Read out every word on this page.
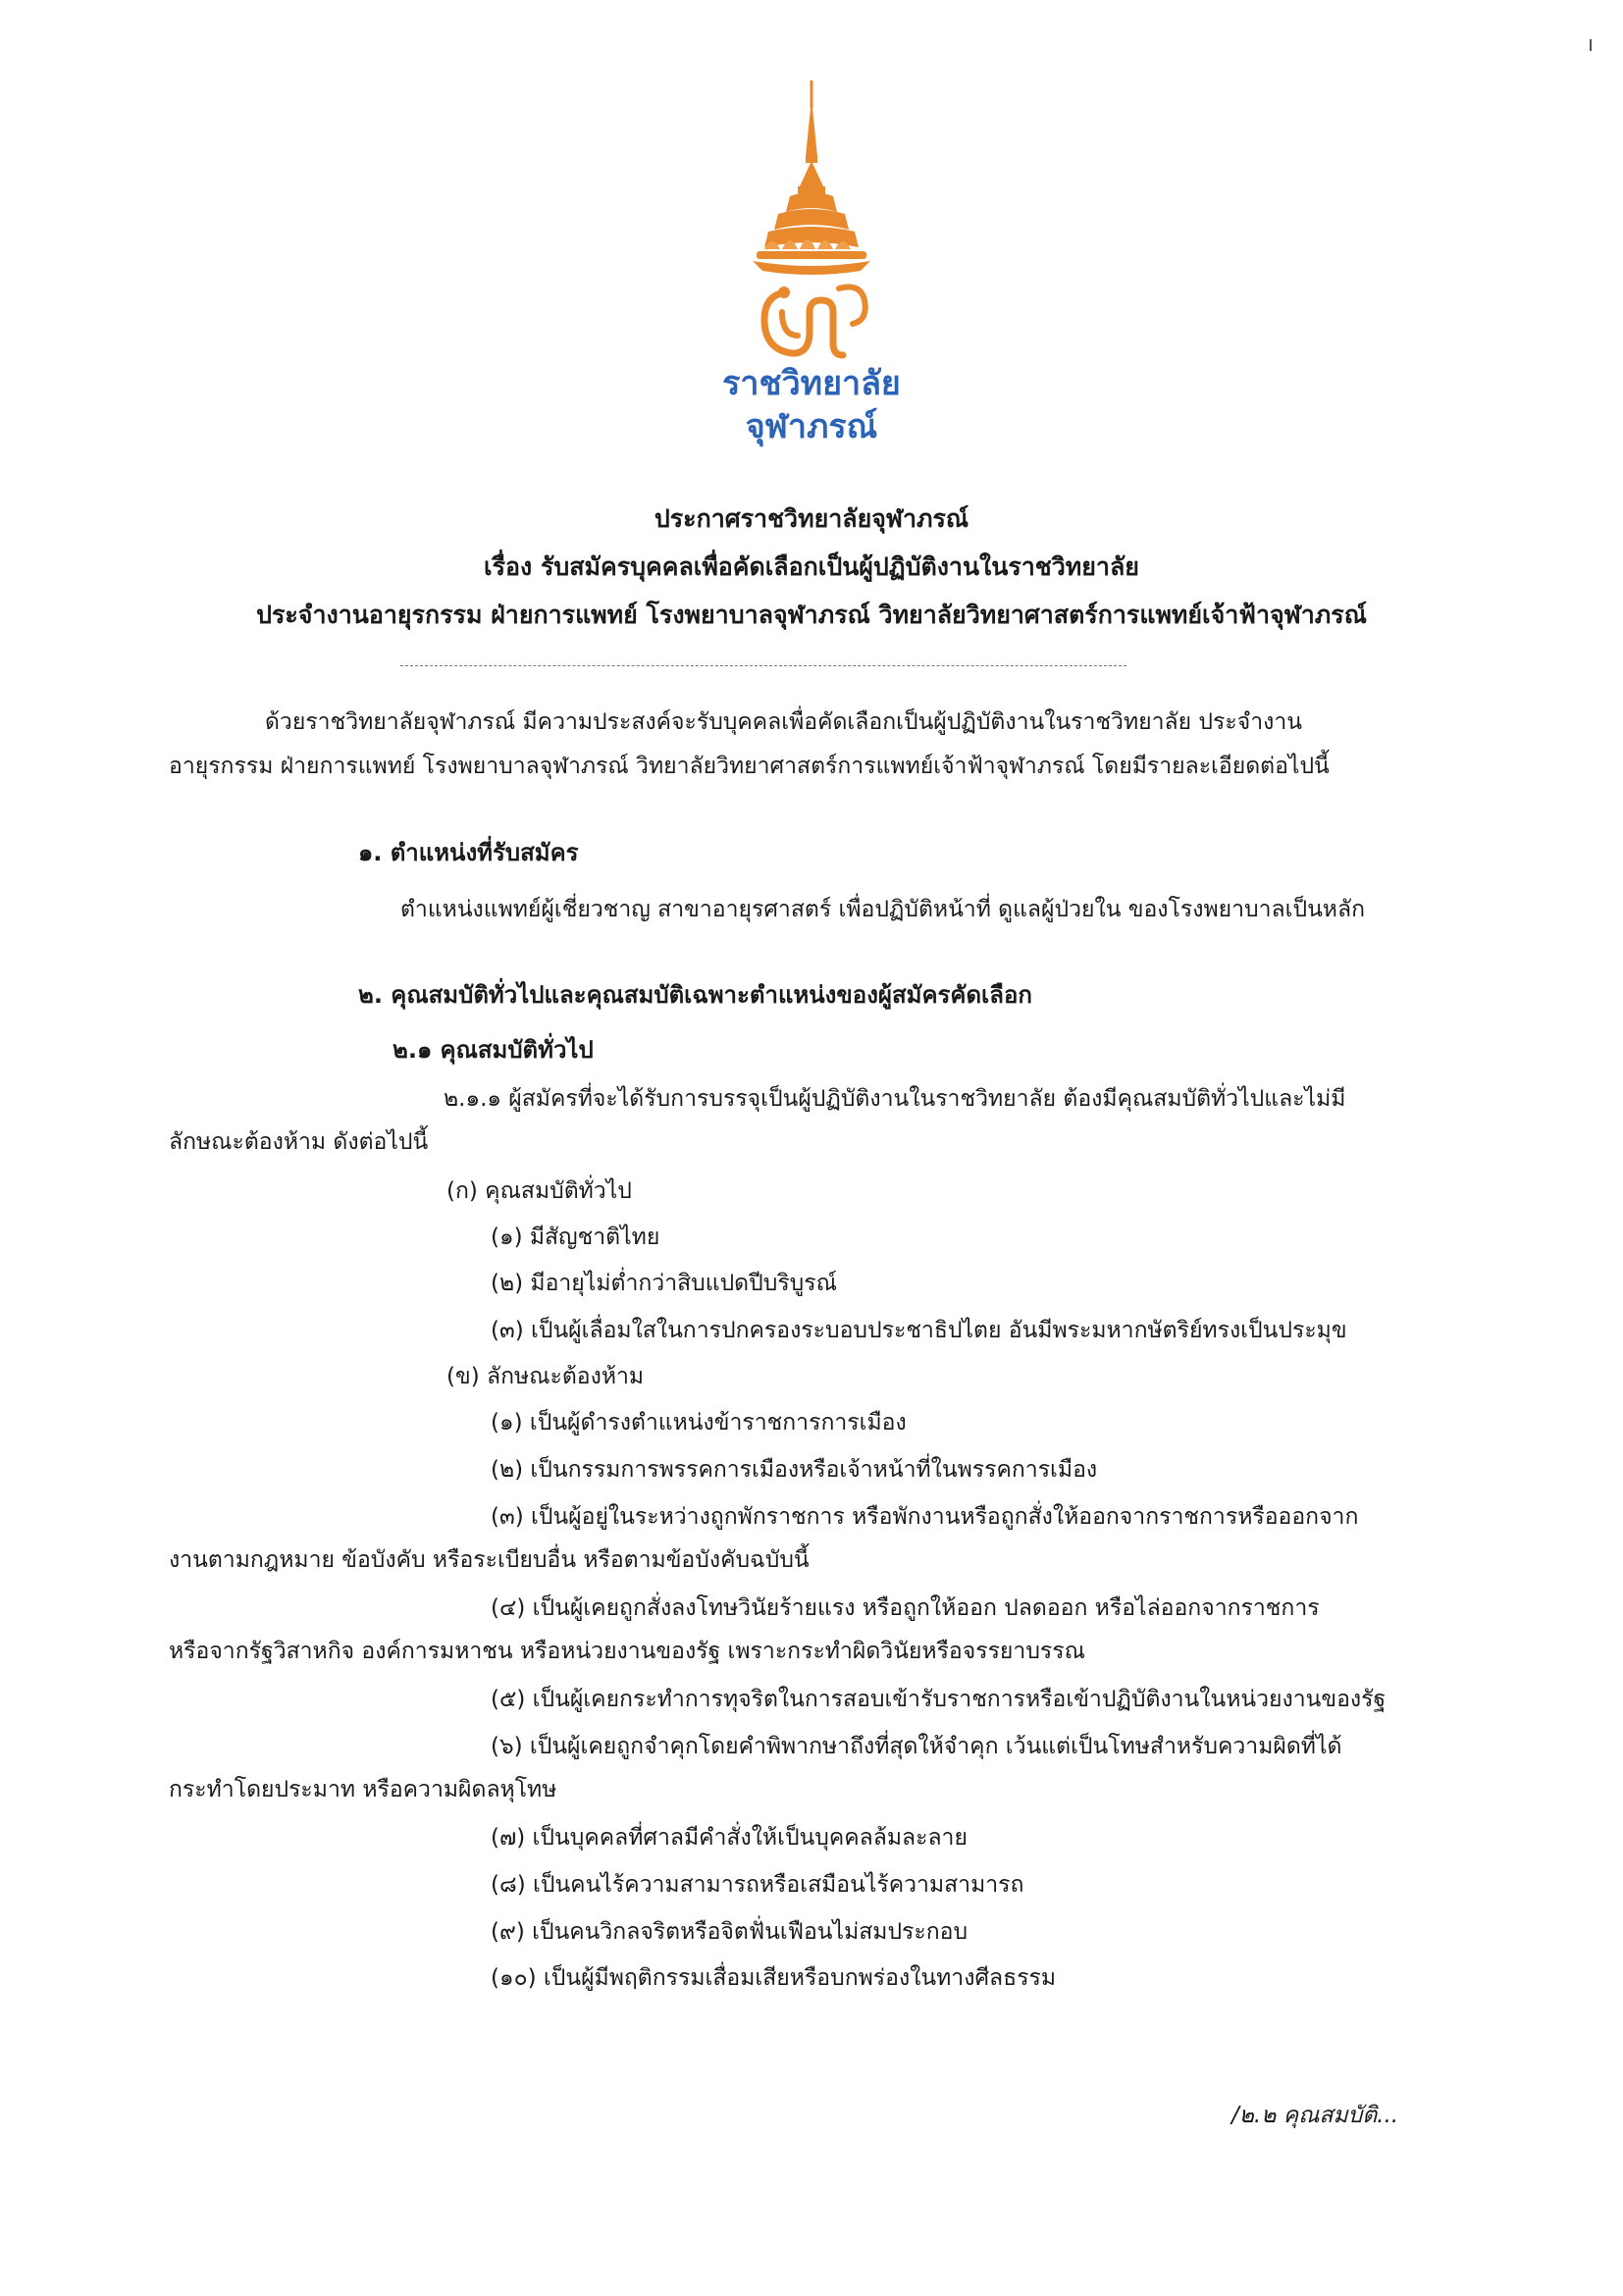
ราชวิทยาลัย
จุฬาภรณ์
ประกาศราชวิทยาลัยจุฬาภรณ์
เรื่อง รับสมัครบุคคลเพื่อคัดเลือกเป็นผู้ปฏิบัติงานในราชวิทยาลัย
ประจำงานอายุรกรรม ฝ่ายการแพทย์ โรงพยาบาลจุฬาภรณ์ วิทยาลัยวิทยาศาสตร์การแพทย์เจ้าฟ้าจุฬาภรณ์
ด้วยราชวิทยาลัยจุฬาภรณ์ มีความประสงค์จะรับบุคคลเพื่อคัดเลือกเป็นผู้ปฏิบัติงานในราชวิทยาลัย ประจำงาน
อายุรกรรม ฝ่ายการแพทย์ โรงพยาบาลจุฬาภรณ์ วิทยาลัยวิทยาศาสตร์การแพทย์เจ้าฟ้าจุฬาภรณ์ โดยมีรายละเอียดต่อไปนี้
๑. ตำแหน่งที่รับสมัคร
ตำแหน่งแพทย์ผู้เชี่ยวชาญ สาขาอายุรศาสตร์ เพื่อปฏิบัติหน้าที่ ดูแลผู้ป่วยใน ของโรงพยาบาลเป็นหลัก
๒. คุณสมบัติทั่วไปและคุณสมบัติเฉพาะตำแหน่งของผู้สมัครคัดเลือก
๒.๑ คุณสมบัติทั่วไป
๒.๑.๑ ผู้สมัครที่จะได้รับการบรรจุเป็นผู้ปฏิบัติงานในราชวิทยาลัย ต้องมีคุณสมบัติทั่วไปและไม่มี
ลักษณะต้องห้าม ดังต่อไปนี้
(ก) คุณสมบัติทั่วไป
(๑) มีสัญชาติไทย
(๒) มีอายุไม่ต่ำกว่าสิบแปดปีบริบูรณ์
(๓) เป็นผู้เลื่อมใสในการปกครองระบอบประชาธิปไตย อันมีพระมหากษัตริย์ทรงเป็นประมุข
(ข) ลักษณะต้องห้าม
(๑) เป็นผู้ดำรงตำแหน่งข้าราชการการเมือง
(๒) เป็นกรรมการพรรคการเมืองหรือเจ้าหน้าที่ในพรรคการเมือง
(๓) เป็นผู้อยู่ในระหว่างถูกพักราชการ หรือพักงานหรือถูกสั่งให้ออกจากราชการหรือออกจาก
งานตามกฎหมาย ข้อบังคับ หรือระเบียบอื่น หรือตามข้อบังคับฉบับนี้
(๔) เป็นผู้เคยถูกสั่งลงโทษวินัยร้ายแรง หรือถูกให้ออก ปลดออก หรือไล่ออกจากราชการ
หรือจากรัฐวิสาหกิจ องค์การมหาชน หรือหน่วยงานของรัฐ เพราะกระทำผิดวินัยหรือจรรยาบรรณ
(๕) เป็นผู้เคยกระทำการทุจริตในการสอบเข้ารับราชการหรือเข้าปฏิบัติงานในหน่วยงานของรัฐ
(๖) เป็นผู้เคยถูกจำคุกโดยคำพิพากษาถึงที่สุดให้จำคุก เว้นแต่เป็นโทษสำหรับความผิดที่ได้
กระทำโดยประมาท หรือความผิดลหุโทษ
(๗) เป็นบุคคลที่ศาลมีคำสั่งให้เป็นบุคคลล้มละลาย
(๘) เป็นคนไร้ความสามารถหรือเสมือนไร้ความสามารถ
(๙) เป็นคนวิกลจริตหรือจิตฟั่นเฟือนไม่สมประกอบ
(๑๐) เป็นผู้มีพฤติกรรมเสื่อมเสียหรือบกพร่องในทางศีลธรรม
/๒.๒ คุณสมบัติ...
